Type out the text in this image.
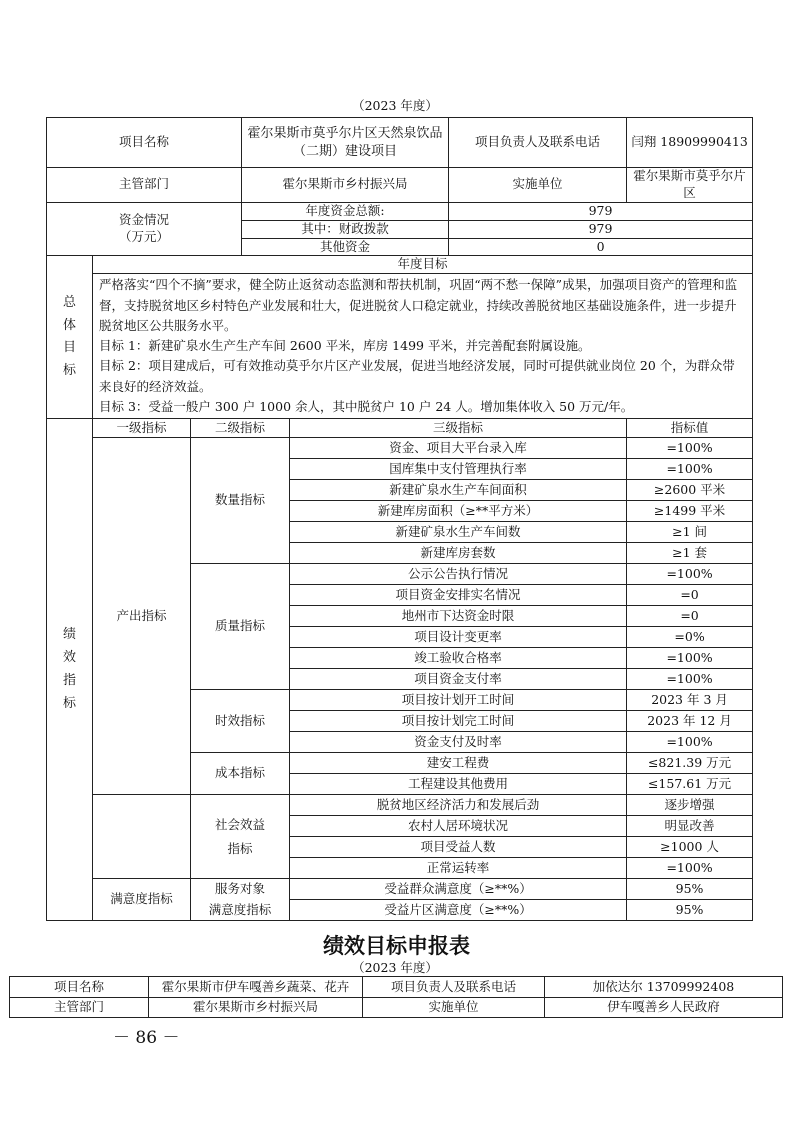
（2023 年度）
项目名称			霍尔果斯市莫乎尔片区天然泉饮品（二期）建设项目		项目负责人及联系电话	闫翔 18909990413
主管部门			霍尔果斯市乡村振兴局		实施单位	霍尔果斯市莫乎尔片区
资金情况
（万元）			年度资金总额:		979	
			其中：财政拨款		979	
			其他资金		0	
总体目标	年度目标					

	严格落实“四个不摘”要求，健全防止返贫动态监测和帮扶机制，巩固“两不愁一保障”成果，加强项目资产的管理和监督，支持脱贫地区乡村特色产业发展和壮大，促进脱贫人口稳定就业，持续改善脱贫地区基础设施条件，进一步提升脱贫地区公共服务水平。
目标 1：新建矿泉水生产生产车间 2600 平米，库房 1499 平米，并完善配套附属设施。
目标 2：项目建成后，可有效推动莫乎尔片区产业发展，促进当地经济发展，同时可提供就业岗位 20 个，为群众带来良好的经济效益。
目标 3：受益一般户 300 户 1000 余人，其中脱贫户 10 户 24 人。增加集体收入 50 万元/年。					

绩效指标	一级指标	二级指标		三级指标		指标值
	产出指标	数量指标		资金、项目大平台录入库		=100%
				国库集中支付管理执行率		=100%
				新建矿泉水生产车间面积		≥2600 平米
				新建库房面积（≥**平方米）		≥1499 平米
				新建矿泉水生产车间数		≥1 间
				新建库房套数		≥1 套
		质量指标		公示公告执行情况		=100%
				项目资金安排实名情况		=0
				地州市下达资金时限		=0
				项目设计变更率		=0%
				竣工验收合格率		=100%
				项目资金支付率		=100%
		时效指标		项目按计划开工时间		2023 年 3 月
				项目按计划完工时间		2023 年 12 月
				资金支付及时率		=100%
		成本指标		建安工程费		≤821.39 万元
				工程建设其他费用		≤157.61 万元
		社会效益指标		脱贫地区经济活力和发展后劲		逐步增强
				农村人居环境状况		明显改善
				项目受益人数		≥1000 人
				正常运转率		=100%
	满意度指标	服务对象		受益群众满意度（≥**%）		95%
		满意度指标		受益片区满意度（≥**%）		95%
绩效目标申报表
（2023 年度）
项目名称	霍尔果斯市伊车嘎善乡蔬菜、花卉	项目负责人及联系电话	加依达尔 13709992408
主管部门	霍尔果斯市乡村振兴局	实施单位	伊车嘎善乡人民政府
－ 86 －
